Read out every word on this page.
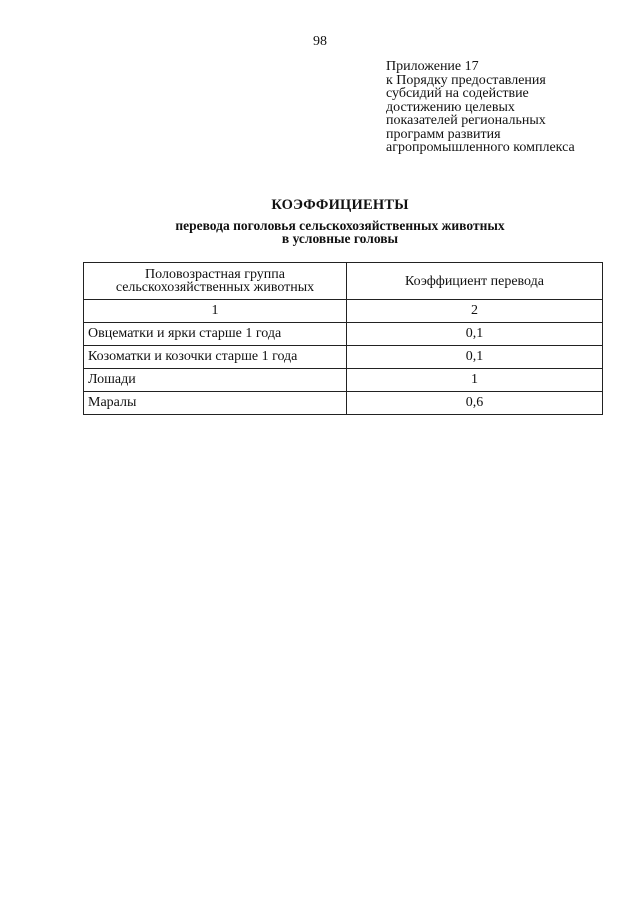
98
Приложение 17
к Порядку предоставления
субсидий на содействие
достижению целевых
показателей региональных
программ развития
агропромышленного комплекса
КОЭФФИЦИЕНТЫ
перевода поголовья сельскохозяйственных животных
в условные головы
Половозрастная группа
сельскохозяйственных животных	Коэффициент перевода
1	2
Овцематки и ярки старше 1 года	0,1
Козоматки и козочки старше 1 года	0,1
Лошади	1
Маралы	0,6
